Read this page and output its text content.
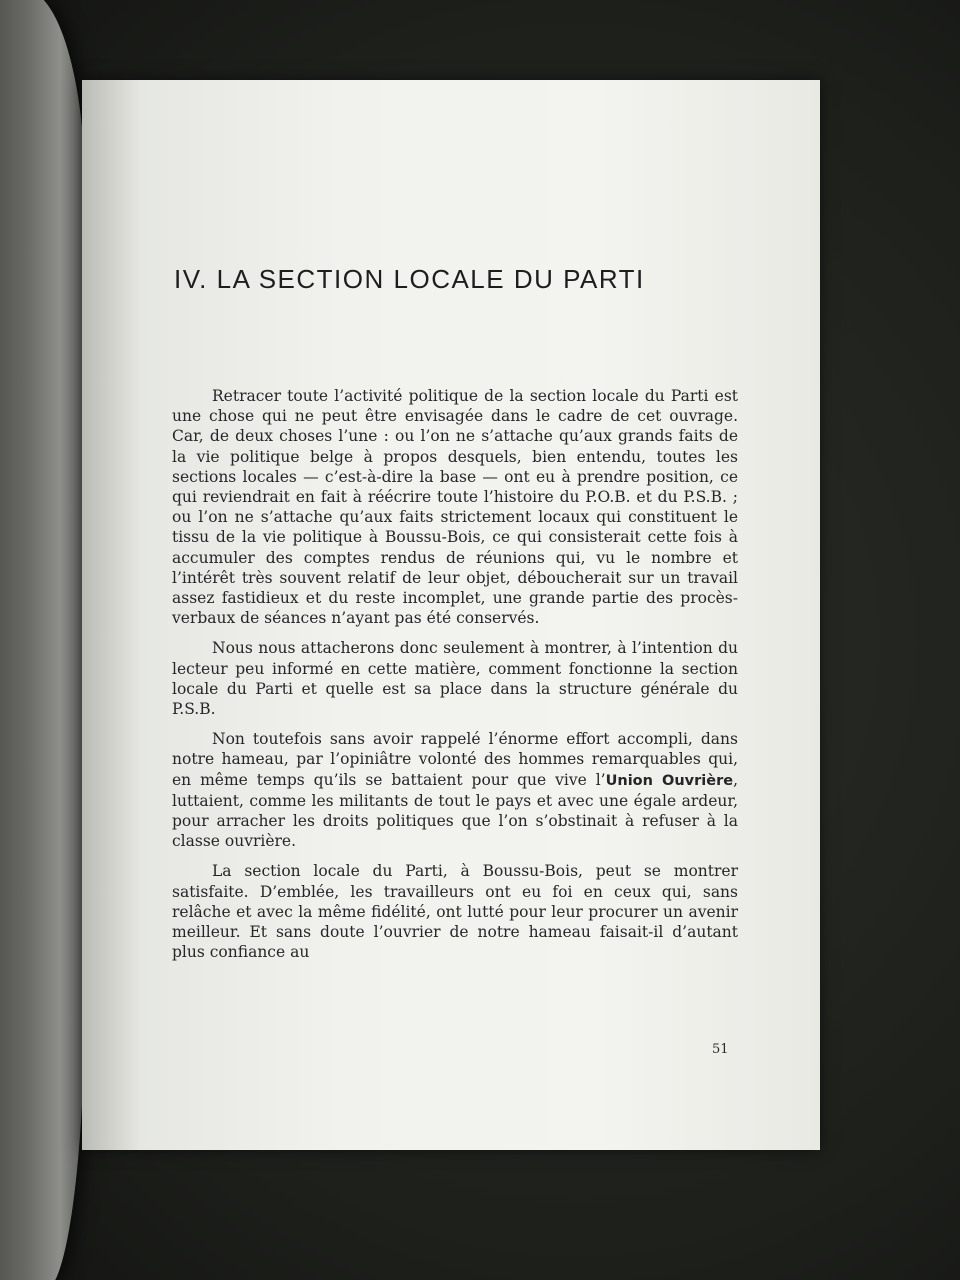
IV. LA SECTION LOCALE DU PARTI

Retracer toute l’activité politique de la section locale du Parti est une chose qui ne peut être envisagée dans le cadre de cet ouvrage. Car, de deux choses l’une : ou l’on ne s’attache qu’aux grands faits de la vie politique belge à propos desquels, bien entendu, toutes les sections locales — c’est-à-dire la base — ont eu à prendre position, ce qui reviendrait en fait à réécrire toute l’histoire du P.O.B. et du P.S.B. ; ou l’on ne s’attache qu’aux faits strictement locaux qui constituent le tissu de la vie politique à Boussu-Bois, ce qui consisterait cette fois à accumuler des comptes rendus de réunions qui, vu le nombre et l’intérêt très souvent relatif de leur objet, déboucherait sur un travail assez fastidieux et du reste incomplet, une grande partie des procès-verbaux de séances n’ayant pas été conservés.

Nous nous attacherons donc seulement à montrer, à l’intention du lecteur peu informé en cette matière, comment fonctionne la section locale du Parti et quelle est sa place dans la structure générale du P.S.B.

Non toutefois sans avoir rappelé l’énorme effort accompli, dans notre hameau, par l’opiniâtre volonté des hommes remarquables qui, en même temps qu’ils se battaient pour que vive l’Union Ouvrière, luttaient, comme les militants de tout le pays et avec une égale ardeur, pour arracher les droits politiques que l’on s’obstinait à refuser à la classe ouvrière.

La section locale du Parti, à Boussu-Bois, peut se montrer satisfaite. D’emblée, les travailleurs ont eu foi en ceux qui, sans relâche et avec la même fidélité, ont lutté pour leur procurer un avenir meilleur. Et sans doute l’ouvrier de notre hameau faisait-il d’autant plus confiance au

51
